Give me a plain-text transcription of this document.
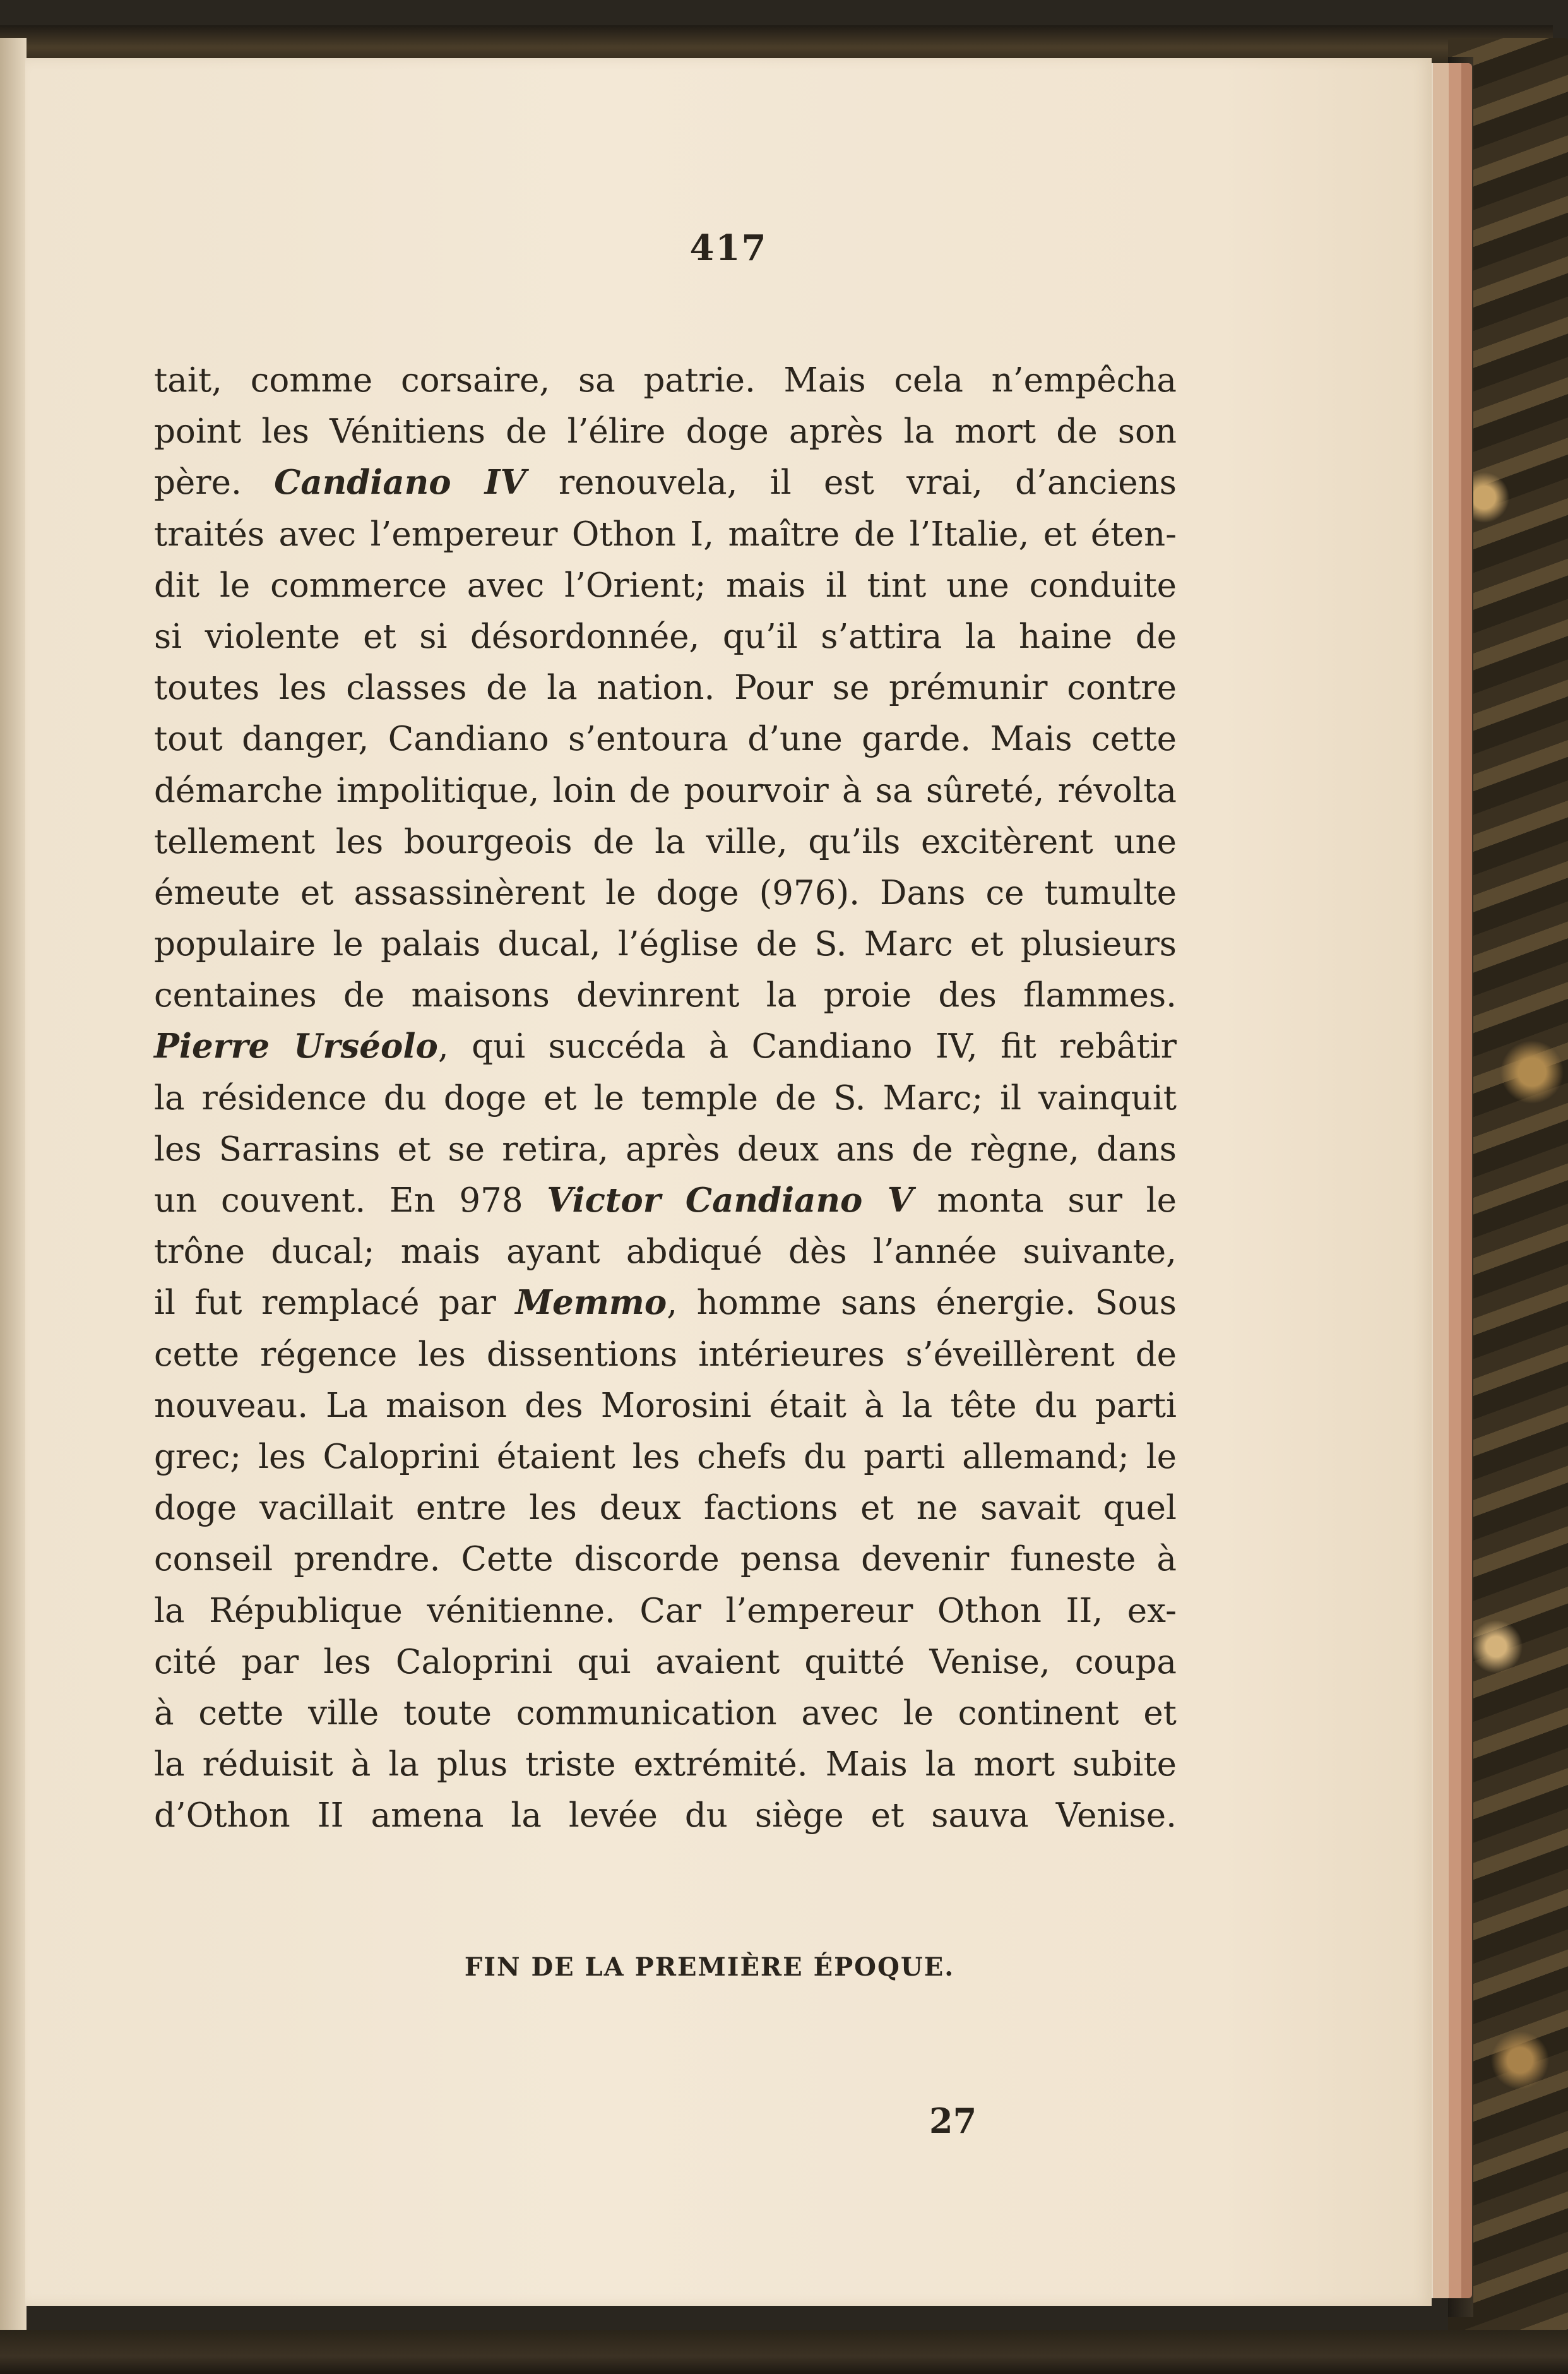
417
tait, comme corsaire, sa patrie. Mais cela n’empêcha
point les Vénitiens de l’élire doge après la mort de son
père. Candiano IV renouvela, il est vrai, d’anciens
traités avec l’empereur Othon I, maître de l’Italie, et éten-
dit le commerce avec l’Orient; mais il tint une conduite
si violente et si désordonnée, qu’il s’attira la haine de
toutes les classes de la nation. Pour se prémunir contre
tout danger, Candiano s’entoura d’une garde. Mais cette
démarche impolitique, loin de pourvoir à sa sûreté, révolta
tellement les bourgeois de la ville, qu’ils excitèrent une
émeute et assassinèrent le doge (976). Dans ce tumulte
populaire le palais ducal, l’église de S. Marc et plusieurs
centaines de maisons devinrent la proie des flammes.
Pierre Urséolo, qui succéda à Candiano IV, fit rebâtir
la résidence du doge et le temple de S. Marc; il vainquit
les Sarrasins et se retira, après deux ans de règne, dans
un couvent. En 978 Victor Candiano V monta sur le
trône ducal; mais ayant abdiqué dès l’année suivante,
il fut remplacé par Memmo, homme sans énergie. Sous
cette régence les dissentions intérieures s’éveillèrent de
nouveau. La maison des Morosini était à la tête du parti
grec; les Caloprini étaient les chefs du parti allemand; le
doge vacillait entre les deux factions et ne savait quel
conseil prendre. Cette discorde pensa devenir funeste à
la République vénitienne. Car l’empereur Othon II, ex-
cité par les Caloprini qui avaient quitté Venise, coupa
à cette ville toute communication avec le continent et
la réduisit à la plus triste extrémité. Mais la mort subite
d’Othon II amena la levée du siège et sauva Venise.
FIN DE LA PREMIÈRE ÉPOQUE.
27
